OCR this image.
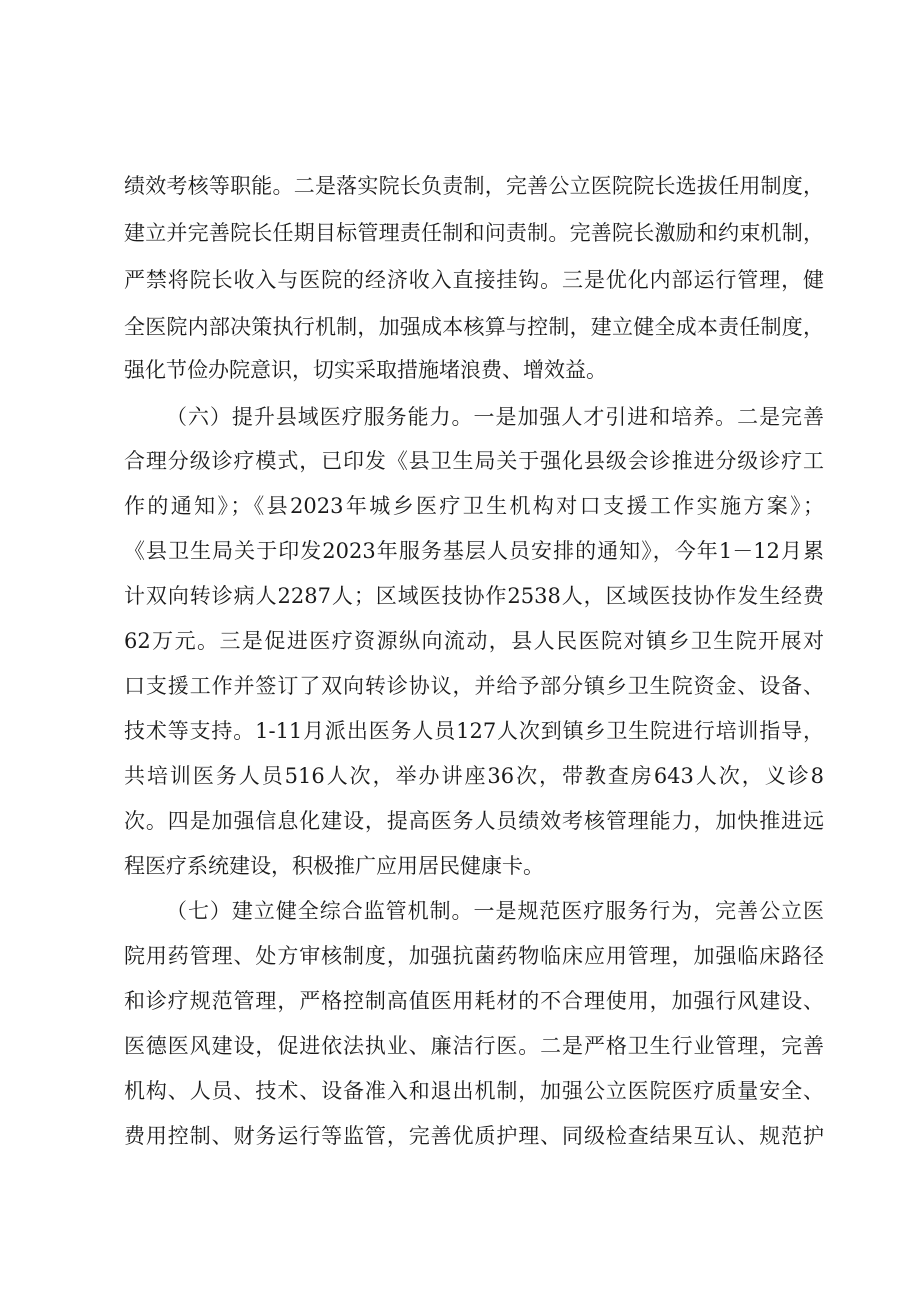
绩效考核等职能。二是落实院长负责制，完善公立医院院长选拔任用制度，
建立并完善院长任期目标管理责任制和问责制。完善院长激励和约束机制，
严禁将院长收入与医院的经济收入直接挂钩。三是优化内部运行管理，健
全医院内部决策执行机制，加强成本核算与控制，建立健全成本责任制度，
强化节俭办院意识，切实采取措施堵浪费、增效益。
（六）提升县域医疗服务能力。一是加强人才引进和培养。二是完善
合理分级诊疗模式，已印发《县卫生局关于强化县级会诊推进分级诊疗工
作的通知》；《县2023年城乡医疗卫生机构对口支援工作实施方案》；
《县卫生局关于印发2023年服务基层人员安排的通知》，今年1－12月累
计双向转诊病人2287人；区域医技协作2538人，区域医技协作发生经费
62万元。三是促进医疗资源纵向流动，县人民医院对镇乡卫生院开展对
口支援工作并签订了双向转诊协议，并给予部分镇乡卫生院资金、设备、
技术等支持。1-11月派出医务人员127人次到镇乡卫生院进行培训指导，
共培训医务人员516人次，举办讲座36次，带教查房643人次，义诊8
次。四是加强信息化建设，提高医务人员绩效考核管理能力，加快推进远
程医疗系统建设，积极推广应用居民健康卡。
（七）建立健全综合监管机制。一是规范医疗服务行为，完善公立医
院用药管理、处方审核制度，加强抗菌药物临床应用管理，加强临床路径
和诊疗规范管理，严格控制高值医用耗材的不合理使用，加强行风建设、
医德医风建设，促进依法执业、廉洁行医。二是严格卫生行业管理，完善
机构、人员、技术、设备准入和退出机制，加强公立医院医疗质量安全、
费用控制、财务运行等监管，完善优质护理、同级检查结果互认、规范护
